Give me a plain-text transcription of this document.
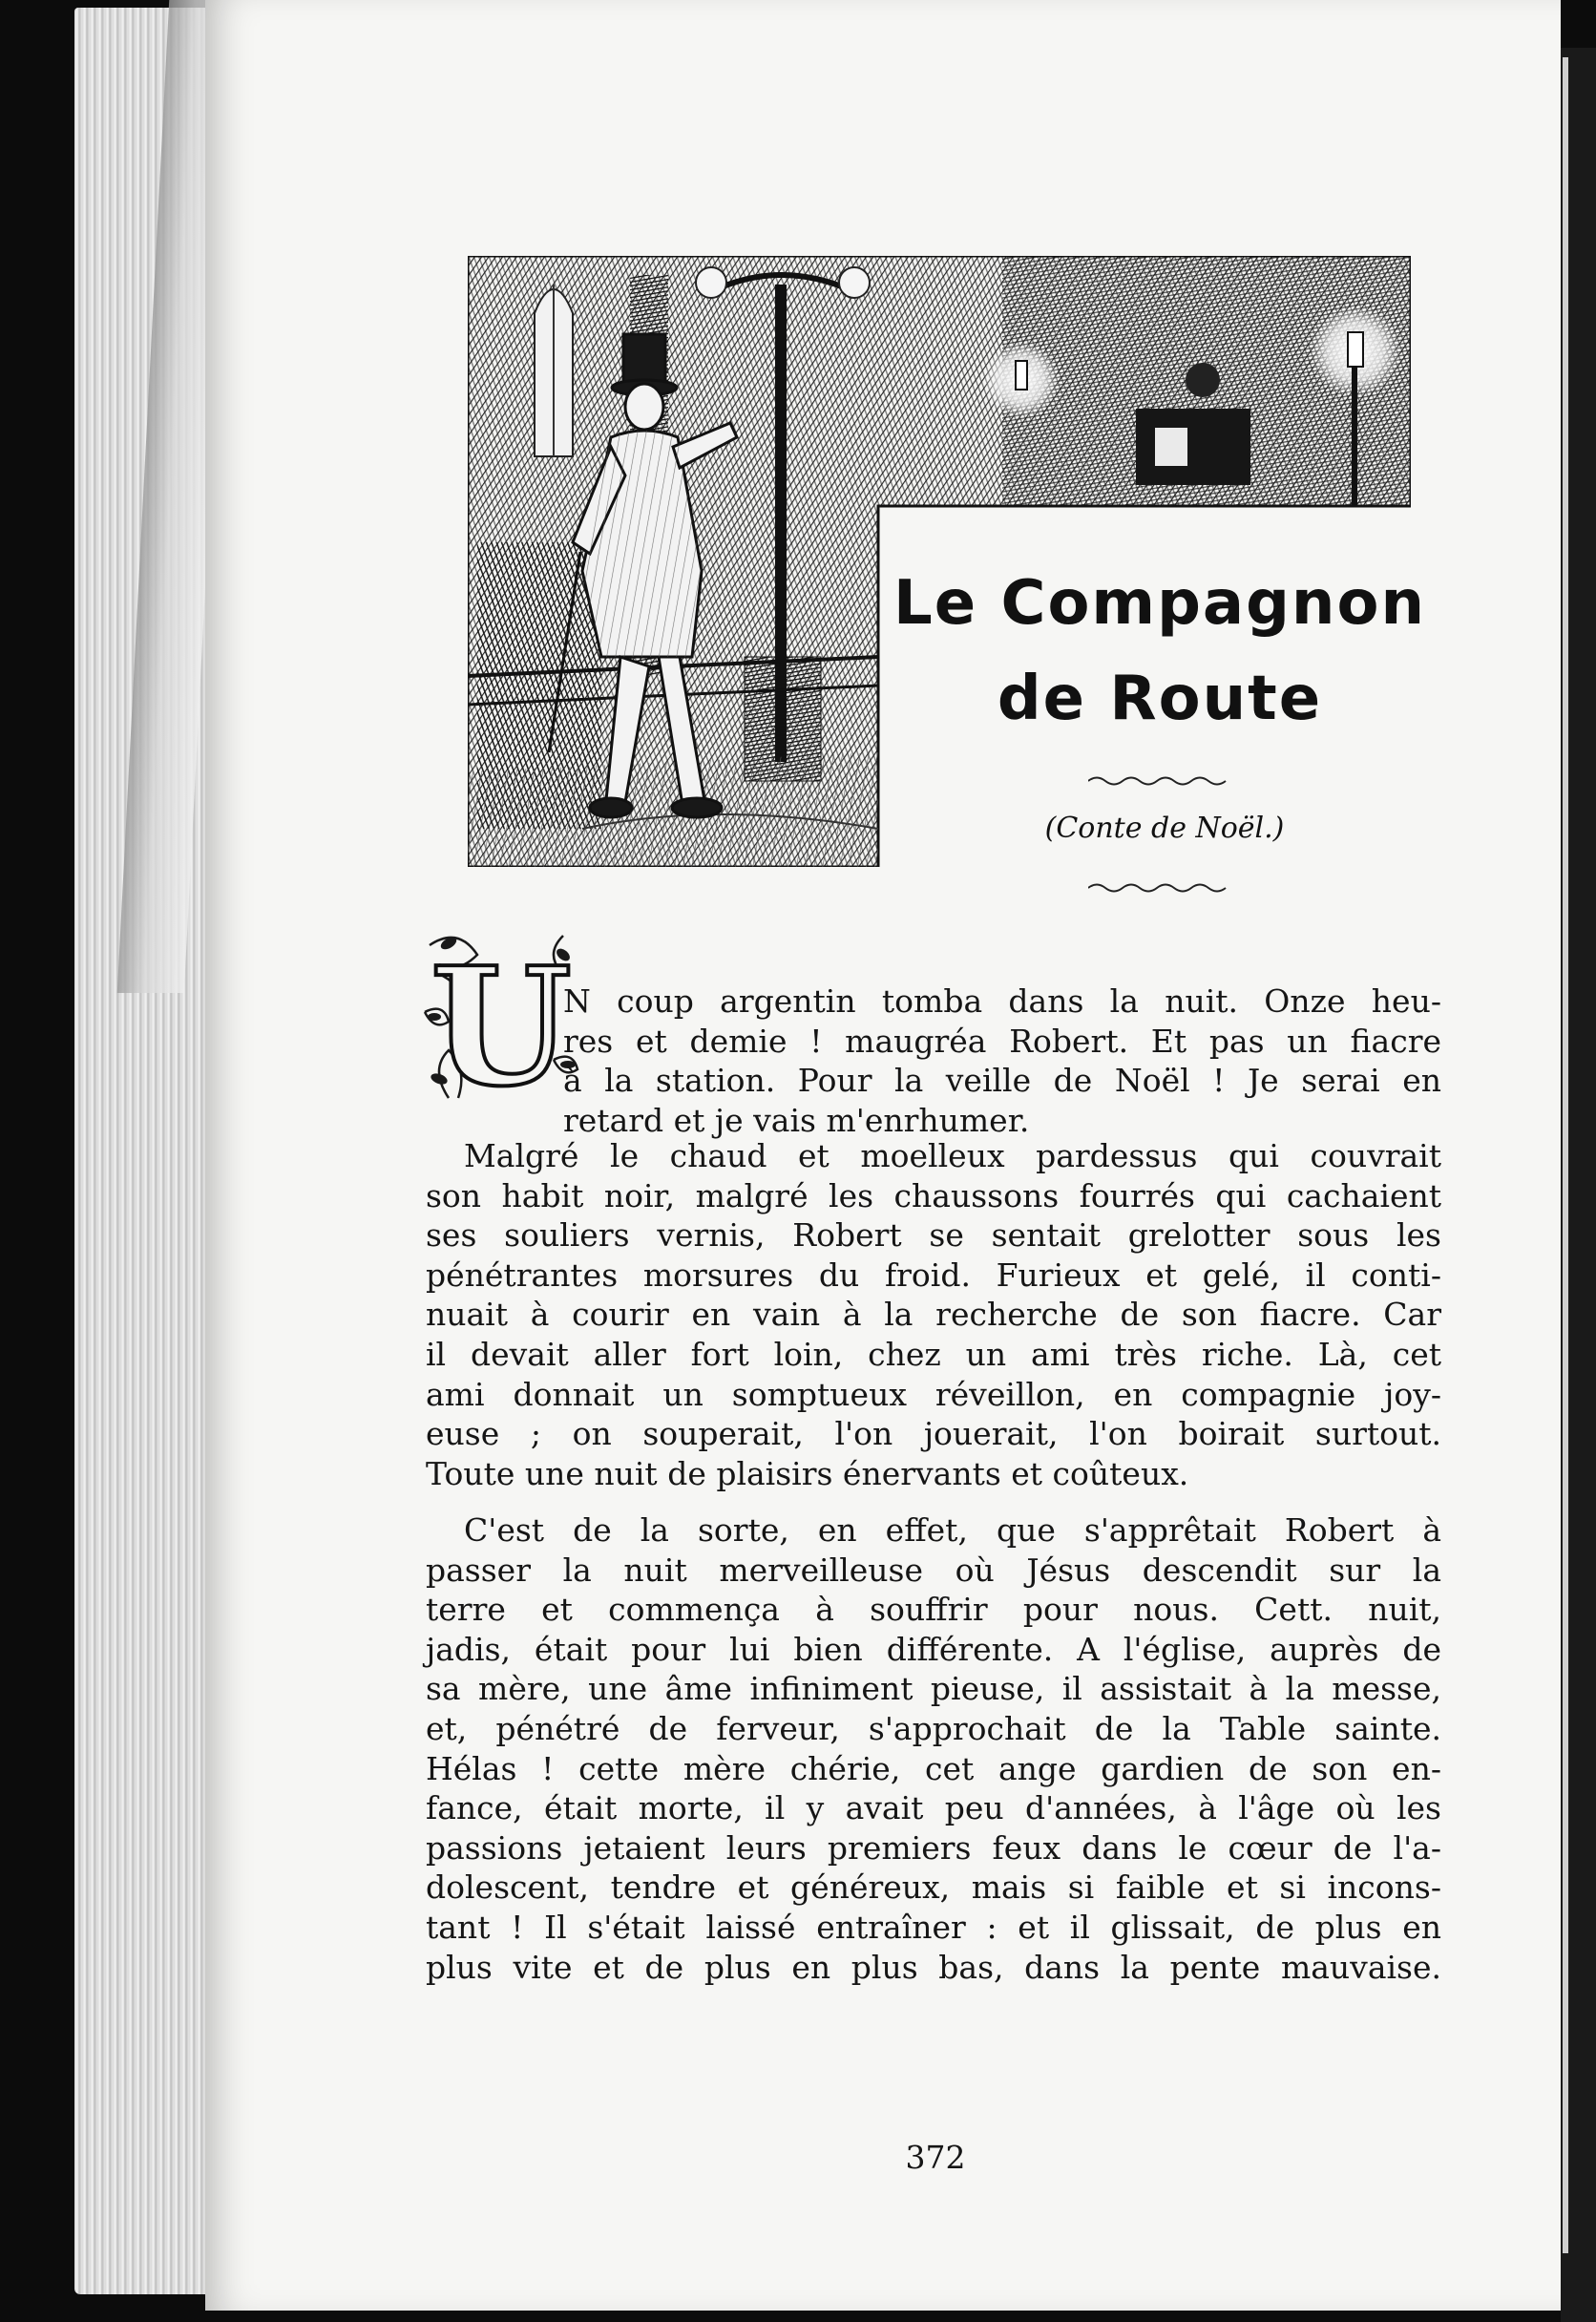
Le Compagnon
de Route

(Conte de Noël.)

U

N coup argentin tomba dans la nuit. Onze heu-
res et demie ! maugréa Robert. Et pas un fiacre
à la station. Pour la veille de Noël ! Je serai en
retard et je vais m'enrhumer.

Malgré le chaud et moelleux pardessus qui couvrait
son habit noir, malgré les chaussons fourrés qui cachaient
ses souliers vernis, Robert se sentait grelotter sous les
pénétrantes morsures du froid. Furieux et gelé, il conti-
nuait à courir en vain à la recherche de son fiacre. Car
il devait aller fort loin, chez un ami très riche. Là, cet
ami donnait un somptueux réveillon, en compagnie joy-
euse ; on souperait, l'on jouerait, l'on boirait surtout.
Toute une nuit de plaisirs énervants et coûteux.

C'est de la sorte, en effet, que s'apprêtait Robert à
passer la nuit merveilleuse où Jésus descendit sur la
terre et commença à souffrir pour nous. Cett. nuit,
jadis, était pour lui bien différente. A l'église, auprès de
sa mère, une âme infiniment pieuse, il assistait à la messe,
et, pénétré de ferveur, s'approchait de la Table sainte.
Hélas ! cette mère chérie, cet ange gardien de son en-
fance, était morte, il y avait peu d'années, à l'âge où les
passions jetaient leurs premiers feux dans le cœur de l'a-
dolescent, tendre et généreux, mais si faible et si incons-
tant ! Il s'était laissé entraîner : et il glissait, de plus en
plus vite et de plus en plus bas, dans la pente mauvaise.

372
